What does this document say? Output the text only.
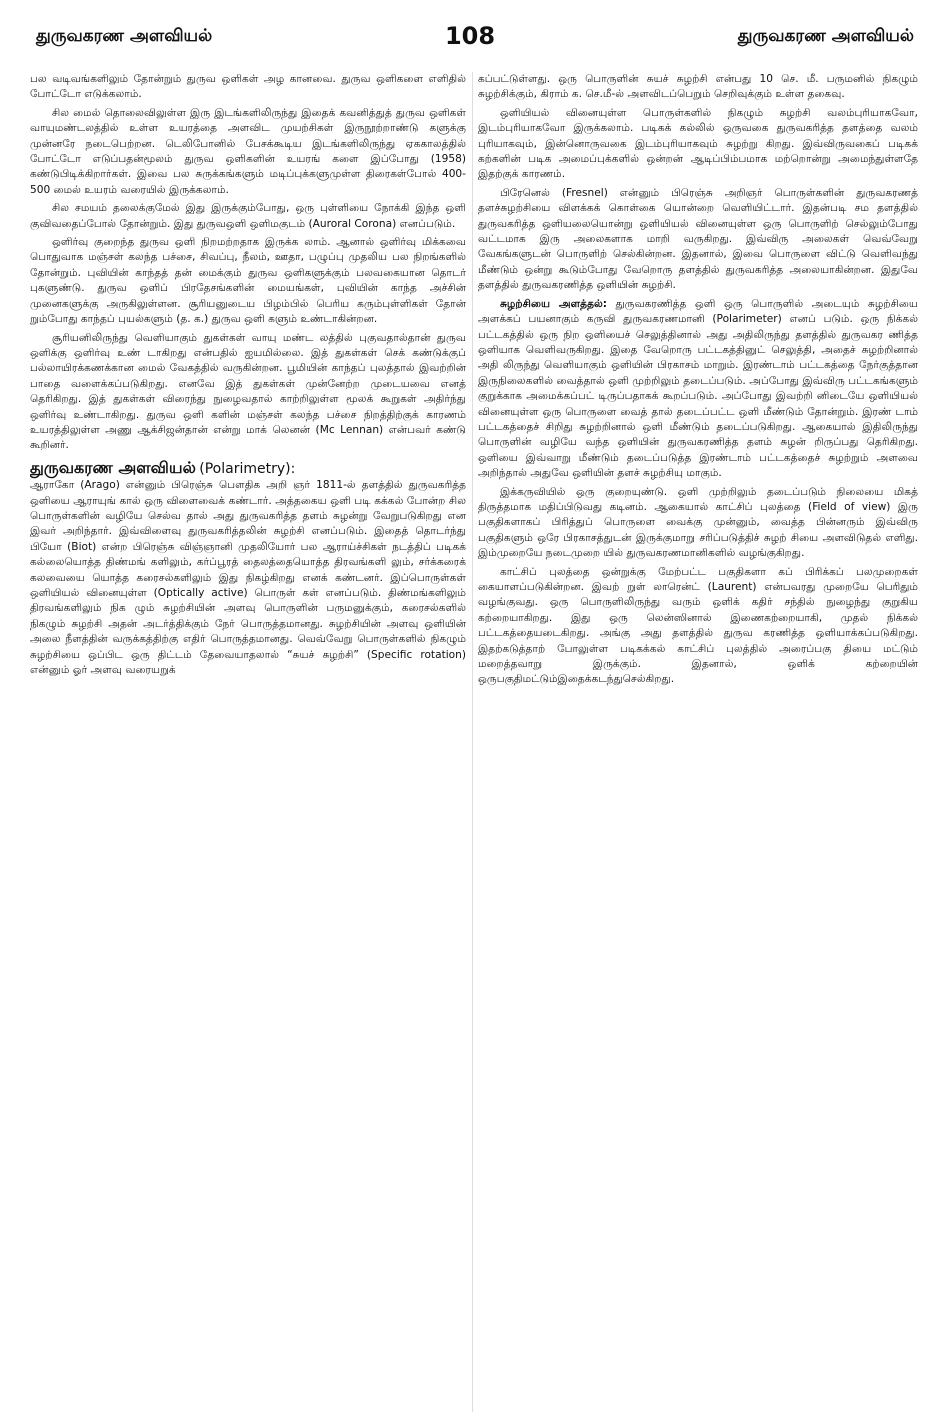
துருவகரண அளவியல்	108	துருவகரண அளவியல்

பல வடிவங்களிலும் தோன்றும் துருவ ஒளிகள் அழ கானவை. துருவ ஒளிகளை எளிதில் போட்டோ எடுக்கலாம்.

சில மைல் தொலைவிலுள்ள இரு இடங்களிலிருந்து இதைக் கவனித்துத் துருவ ஒளிகள் வாயுமண்டலத்தில் உள்ள உயரத்தை அளவிட முயற்சிகள் இருநூற்றாண்டு களுக்கு முன்னரே நடைபெற்றன. டெலிபோனில் பேசக்கூடிய இடங்களிலிருந்து ஏககாலத்தில் போட்டோ எடுப்பதன்மூலம் துருவ ஒளிகளின் உயரங் களை இப்போது (1958) கண்டுபிடிக்கிறார்கள். இவை பல சுருக்கங்களும் மடிப்புக்களுமுள்ள திரைகள்போல் 400-500 மைல் உயரம் வரையில் இருக்கலாம்.

சில சமயம் தலைக்குமேல் இது இருக்கும்போது, ஒரு புள்ளியை நோக்கி இந்த ஒளி குவிவதைப்போல் தோன்றும். இது துருவஒளி ஒளிமகுடம் (Auroral Corona) எனப்படும்.

ஒளிர்வு குறைந்த துருவ ஒளி நிறமற்றதாக இருக்க லாம். ஆனால் ஒளிர்வு மிக்கவை பொதுவாக மஞ்சள் கலந்த பச்சை, சிவப்பு, நீலம், ஊதா, பழுப்பு முதலிய பல நிறங்களில் தோன்றும். புவியின் காந்தத் தன் மைக்கும் துருவ ஒளிகளுக்கும் பலவகையான தொடர் புகளுண்டு. துருவ ஒளிப் பிரதேசங்களின் மையங்கள், புவியின் காந்த அச்சின் முனைகளுக்கு அருகிலுள்ளன. சூரியனுடைய பிழம்பில் பெரிய கரும்புள்ளிகள் தோன் றும்போது காந்தப் புயல்களும் (த. க.) துருவ ஒளி களும் உண்டாகின்றன.

சூரியனிலிருந்து வெளியாகும் துகள்கள் வாயு மண்ட லத்தில் புகுவதால்தான் துருவ ஒளிக்கு ஒளிர்வு உண் டாகிறது என்பதில் ஐயமில்லை. இத் துகள்கள் செக் கண்டுக்குப் பல்லாயிரக்கணக்கான மைல் வேகத்தில் வருகின்றன. பூமியின் காந்தப் புலத்தால் இவற்றின் பாதை வளைக்கப்படுகிறது. எனவே இத் துகள்கள் முன்னேற்ற முடையவை எனத் தெரிகிறது. இத் துகள்கள் விரைந்து நுழைவதால் காற்றிலுள்ள மூலக் கூறுகள் அதிர்ந்து ஒளிர்வு உண்டாகிறது. துருவ ஒளி களின் மஞ்சள் கலந்த பச்சை நிறத்திற்குக் காரணம் உயரத்திலுள்ள அணு ஆக்சிஜன்தான் என்று மாக் லெனன் (Mc Lennan) என்பவர் கண்டு கூறினர்.

துருவகரண அளவியல் (Polarimetry):

ஆராகோ (Arago) என்னும் பிரெஞ்சு பௌதிக அறி ஞர் 1811-ல் தளத்தில் துருவகரித்த ஒளியை ஆராயுங் கால் ஒரு விளைவைக் கண்டார். அத்தகைய ஒளி படி கக்கல் போன்ற சில பொருள்களின் வழியே செல்வ தால் அது துருவகரித்த தளம் சுழன்று வேறுபடுகிறது என இவர் அறிந்தார். இவ்விளைவு துருவகரித்தலின் சுழற்சி எனப்படும். இதைத் தொடர்ந்து பியோ (Biot) என்ற பிரெஞ்சு விஞ்ஞானி முதலியோர் பல ஆராய்ச்சிகள் நடத்திப் படிகக் கல்லையொத்த திண்மங் களிலும், கர்ப்பூரத் தைலத்தையொத்த திரவங்களி லும், சர்க்கரைக் கலவையை யொத்த கரைசல்களிலும் இது நிகழ்கிறது எனக் கண்டனர். இப்பொருள்கள் ஒளியியல் வினையுள்ள (Optically active) பொருள் கள் எனப்படும். திண்மங்களிலும் திரவங்களிலும் நிக ழும் சுழற்சியின் அளவு பொருளின் பருமனுக்கும், கரைசல்களில் நிகழும் சுழற்சி அதன் அடர்த்திக்கும் நேர் பொருத்தமானது. சுழற்சியின் அளவு ஒளியின் அலை நீளத்தின் வருக்கத்திற்கு எதிர் பொருத்தமானது. வெவ்வேறு பொருள்களில் நிகழும் சுழற்சியை ஒப்பிட ஒரு திட்டம் தேவையாதலால் “சுயச் சுழற்சி” (Specific rotation) என்னும் ஓர் அளவு வரையறுக்

கப்பட்டுள்ளது. ஒரு பொருளின் சுயச் சுழற்சி என்பது 10 செ. மீ. பருமனில் நிகழும் சுழற்சிக்கும், கிராம் க. செ.மீ-ல் அளவிடப்பெறும் செறிவுக்கும் உள்ள தகைவு.

ஒளியியல் வினையுள்ள பொருள்களில் நிகழும் சுழற்சி வலம்புரியாகவோ, இடம்புரியாகவோ இருக்கலாம். படிகக் கல்லில் ஒருவகை துருவகரித்த தளத்தை வலம் புரியாகவும், இன்னொருவகை இடம்புரியாகவும் சுழற்று கிறது. இவ்விருவகைப் படிகக் கற்களின் படிக அமைப்புக்களில் ஒன்றன் ஆடிப்பிம்பமாக மற்றொன்று அமைந்துள்ளதே இதற்குக் காரணம்.

பிரேனெல் (Fresnel) என்னும் பிரெஞ்சு அறிஞர் பொருள்களின் துருவகரணத் தளச்சுழற்சியை விளக்கக் கொள்கை யொன்றை வெளியிட்டார். இதன்படி சம தளத்தில் துருவகரித்த ஒளியலையொன்று ஒளியியல் வினையுள்ள ஒரு பொருளிற் செல்லும்போது வட்டமாக இரு அலைகளாக மாறி வருகிறது. இவ்விரு அலைகள் வெவ்வேறு வேகங்களுடன் பொருளிற் செல்கின்றன. இதனால், இவை பொருளை விட்டு வெளிவந்து மீண்டும் ஒன்று கூடும்போது வேறொரு தளத்தில் துருவகரித்த அலையாகின்றன. இதுவே தளத்தில் துருவகரணித்த ஒளியின் சுழற்சி.

சுழற்சியை அளத்தல்: துருவகரணித்த ஒளி ஒரு பொருளில் அடையும் சுழற்சியை அளக்கப் பயனாகும் கருவி துருவகரணமானி (Polarimeter) எனப் படும். ஒரு நிக்கல் பட்டகத்தில் ஒரு நிற ஒளியைச் செலுத்தினால் அது அதிலிருந்து தளத்தில் துருவகர ணித்த ஒளியாக வெளிவருகிறது. இதை வேறொரு பட்டகத்தினுட் செலுத்தி, அதைச் சுழற்றினால் அதி லிருந்து வெளியாகும் ஒளியின் பிரகாசம் மாறும். இரண்டாம் பட்டகத்தை நேர்குத்தான இருநிலைகளில் வைத்தால் ஒளி முற்றிலும் தடைப்படும். அப்போது இவ்விரு பட்டகங்களும் குறுக்காக அமைக்கப்பட் டிருப்பதாகக் கூறப்படும். அப்போது இவற்றி னிடையே ஒளியியல் வினையுள்ள ஒரு பொருளை வைத் தால் தடைப்பட்ட ஒளி மீண்டும் தோன்றும். இரண் டாம் பட்டகத்தைச் சிறிது சுழற்றினால் ஒளி மீண்டும் தடைப்படுகிறது. ஆகையால் இதிலிருந்து பொருளின் வழியே வந்த ஒளியின் துருவகரணித்த தளம் சுழன் றிருப்பது தெரிகிறது. ஒளியை இவ்வாறு மீண்டும் தடைப்படுத்த இரண்டாம் பட்டகத்தைச் சுழற்றும் அளவை அறிந்தால் அதுவே ஒளியின் தளச் சுழற்சியு மாகும்.

இக்கருவியில் ஒரு குறையுண்டு. ஒளி முற்றிலும் தடைப்படும் நிலையை மிகத் திருத்தமாக மதிப்பிடுவது கடினம். ஆகையால் காட்சிப் புலத்தை (Field of view) இரு பகுதிகளாகப் பிரித்துப் பொருளை வைக்கு முன்னும், வைத்த பின்னரும் இவ்விரு பகுதிகளும் ஒரே பிரகாசத்துடன் இருக்குமாறு சரிப்படுத்திச் சுழற் சியை அளவிடுதல் எளிது. இம்முறையே நடைமுறை யில் துருவகரணமானிகளில் வழங்குகிறது.

காட்சிப் புலத்தை ஒன்றுக்கு மேற்பட்ட பகுதிகளா கப் பிரிக்கப் பலமுறைகள் கையாளப்படுகின்றன. இவற் றுள் லாரென்ட் (Laurent) என்பவரது முறையே பெரிதும் வழங்குவது. ஒரு பொருளிலிருந்து வரும் ஒளிக் கதிர் சந்தில் நுழைந்து குறுகிய கற்றையாகிறது. இது ஒரு லென்ஸினால் இணைகற்றையாகி, முதல் நிக்கல் பட்டகத்தையடைகிறது. அங்கு அது தளத்தில் துருவ கரணித்த ஒளியாக்கப்படுகிறது. இதற்கடுத்தாற் போலுள்ள படிகக்கல் காட்சிப் புலத்தில் அரைப்பகு தியை மட்டும் மறைத்தவாறு இருக்கும். இதனால், ஒளிக் கற்றையின் ஒருபகுதிமட்டும்இதைக்கடந்துசெல்கிறது.
